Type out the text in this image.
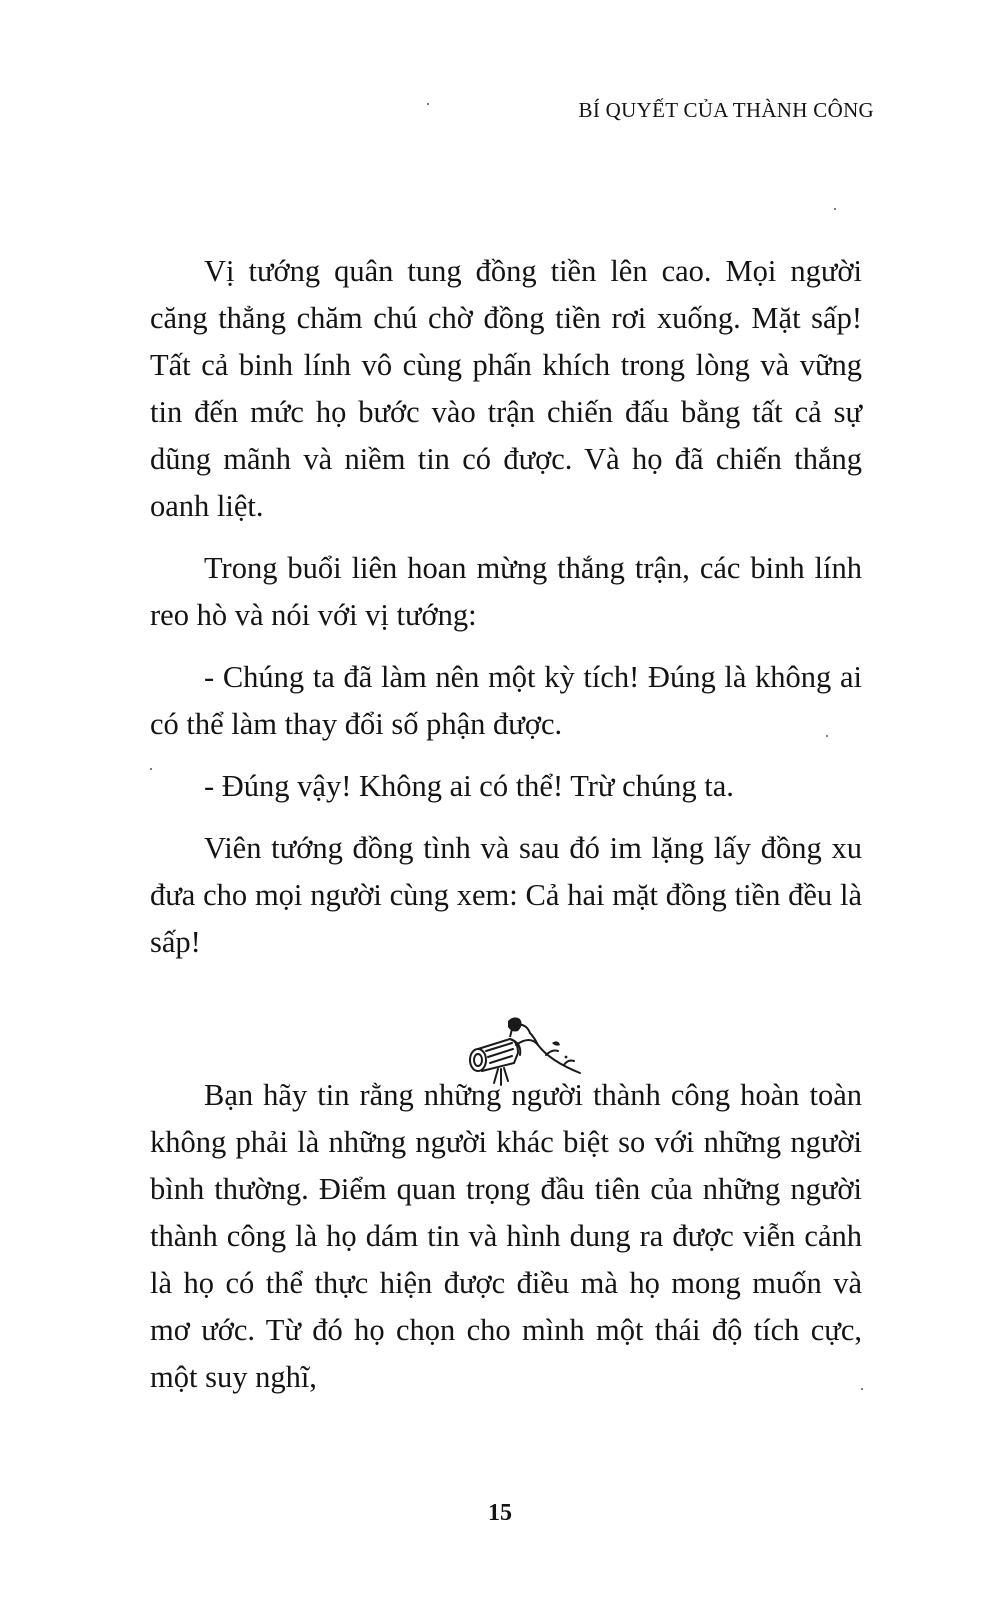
BÍ QUYẾT CỦA THÀNH CÔNG

Vị tướng quân tung đồng tiền lên cao. Mọi người căng thẳng chăm chú chờ đồng tiền rơi xuống. Mặt sấp! Tất cả binh lính vô cùng phấn khích trong lòng và vững tin đến mức họ bước vào trận chiến đấu bằng tất cả sự dũng mãnh và niềm tin có được. Và họ đã chiến thắng oanh liệt.

Trong buổi liên hoan mừng thắng trận, các binh lính reo hò và nói với vị tướng:

- Chúng ta đã làm nên một kỳ tích! Đúng là không ai có thể làm thay đổi số phận được.

- Đúng vậy! Không ai có thể! Trừ chúng ta.

Viên tướng đồng tình và sau đó im lặng lấy đồng xu đưa cho mọi người cùng xem: Cả hai mặt đồng tiền đều là sấp!

Bạn hãy tin rằng những người thành công hoàn toàn không phải là những người khác biệt so với những người bình thường. Điểm quan trọng đầu tiên của những người thành công là họ dám tin và hình dung ra được viễn cảnh là họ có thể thực hiện được điều mà họ mong muốn và mơ ước. Từ đó họ chọn cho mình một thái độ tích cực, một suy nghĩ,

15
